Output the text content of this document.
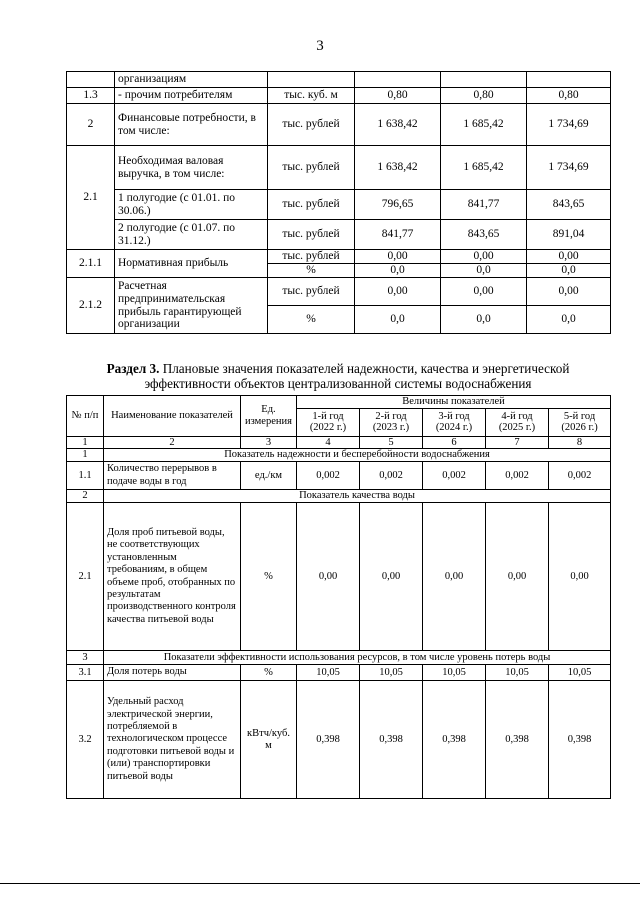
3
	организациям				
1.3	- прочим потребителям	тыс. куб. м	0,80	0,80	0,80
2	Финансовые потребности, в том числе:	тыс. рублей	1 638,42	1 685,42	1 734,69
2.1	Необходимая валовая выручка, в том числе:	тыс. рублей	1 638,42	1 685,42	1 734,69
	1 полугодие (с 01.01. по 30.06.)	тыс. рублей	796,65	841,77	843,65
	2 полугодие (с 01.07. по 31.12.)	тыс. рублей	841,77	843,65	891,04
2.1.1	Нормативная прибыль	тыс. рублей	0,00	0,00	0,00
		%	0,0	0,0	0,0
2.1.2	Расчетная предпринимательская прибыль гарантирующей организации	тыс. рублей	0,00	0,00	0,00
		%	0,0	0,0	0,0
Раздел 3. Плановые значения показателей надежности, качества и энергетической эффективности объектов централизованной системы водоснабжения
№ п/п	Наименование показателей	Ед. измерения	Величины показателей				
			1-й год (2022 г.)	2-й год (2023 г.)	3-й год (2024 г.)	4-й год (2025 г.)	5-й год (2026 г.)
1	2	3	4	5	6	7	8
1	Показатель надежности и бесперебойности водоснабжения						
1.1	Количество перерывов в подаче воды в год	ед./км	0,002	0,002	0,002	0,002	0,002
2	Показатель качества воды						
2.1	Доля проб питьевой воды, не соответствующих установленным требованиям, в общем объеме проб, отобранных по результатам производственного контроля качества питьевой воды	%	0,00	0,00	0,00	0,00	0,00
3	Показатели эффективности использования ресурсов, в том числе уровень потерь воды						
3.1	Доля потерь воды	%	10,05	10,05	10,05	10,05	10,05
3.2	Удельный расход электрической энергии, потребляемой в технологическом процессе подготовки питьевой воды и (или) транспортировки питьевой воды	кВтч/куб. м	0,398	0,398	0,398	0,398	0,398
